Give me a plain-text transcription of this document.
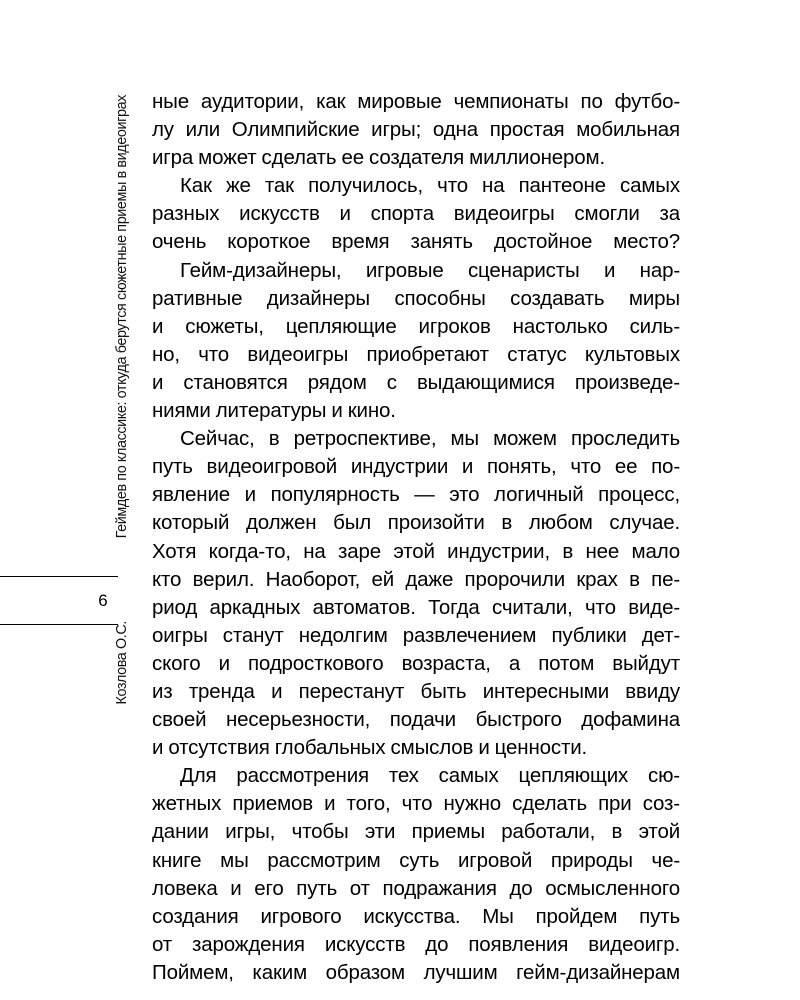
Геймдев по классике: откуда берутся сюжетные приемы в видеоиграх
6
Козлова О.С.
ные аудитории, как мировые чемпионаты по футбо-
лу или Олимпийские игры; одна простая мобильная
игра может сделать ее создателя миллионером.
Как же так получилось, что на пантеоне самых
разных искусств и спорта видеоигры смогли за
очень короткое время занять достойное место?
Гейм-дизайнеры, игровые сценаристы и нар-
ративные дизайнеры способны создавать миры
и сюжеты, цепляющие игроков настолько силь-
но, что видеоигры приобретают статус культовых
и становятся рядом с выдающимися произведе-
ниями литературы и кино.
Сейчас, в ретроспективе, мы можем проследить
путь видеоигровой индустрии и понять, что ее по-
явление и популярность — это логичный процесс,
который должен был произойти в любом случае.
Хотя когда-то, на заре этой индустрии, в нее мало
кто верил. Наоборот, ей даже пророчили крах в пе-
риод аркадных автоматов. Тогда считали, что виде-
оигры станут недолгим развлечением публики дет-
ского и подросткового возраста, а потом выйдут
из тренда и перестанут быть интересными ввиду
своей несерьезности, подачи быстрого дофамина
и отсутствия глобальных смыслов и ценности.
Для рассмотрения тех самых цепляющих сю-
жетных приемов и того, что нужно сделать при соз-
дании игры, чтобы эти приемы работали, в этой
книге мы рассмотрим суть игровой природы че-
ловека и его путь от подражания до осмысленного
создания игрового искусства. Мы пройдем путь
от зарождения искусств до появления видеоигр.
Поймем, каким образом лучшим гейм-дизайнерам
